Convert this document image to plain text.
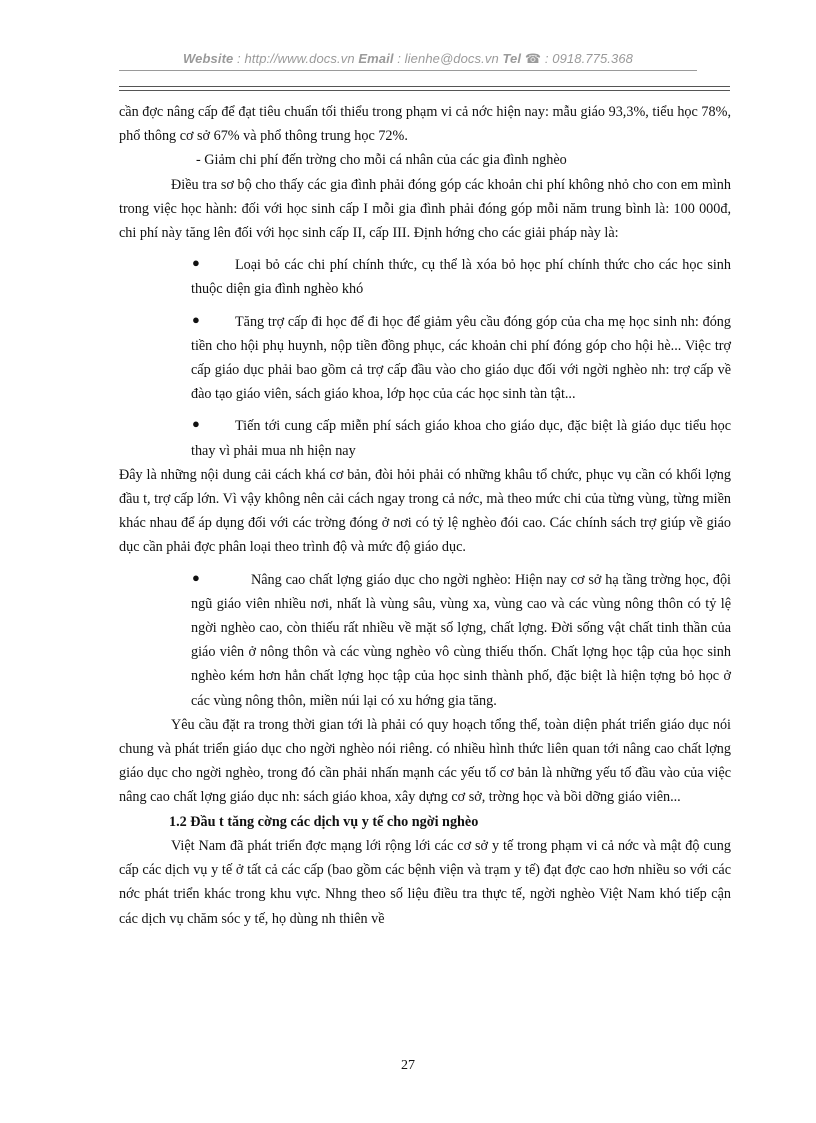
Website : http://www.docs.vn Email : lienhe@docs.vn Tel ☎ : 0918.775.368

cần đợc nâng cấp để đạt tiêu chuẩn tối thiểu trong phạm vi cả nớc hiện nay: mẫu giáo 93,3%, tiểu học 78%, phổ thông cơ sở 67% và phổ thông trung học 72%.

- Giảm chi phí đến trờng cho mỗi cá nhân của các gia đình nghèo

Điều tra sơ bộ cho thấy các gia đình phải đóng góp các khoản chi phí không nhỏ cho con em mình trong việc học hành: đối với học sinh cấp I mỗi gia đình phải đóng góp mỗi năm trung bình là: 100 000đ, chi phí này tăng lên đối với học sinh cấp II, cấp III. Định hớng cho các giải pháp này là:

●	Loại bỏ các chi phí chính thức, cụ thể là xóa bỏ học phí chính thức cho các học sinh thuộc diện gia đình nghèo khó

●	Tăng trợ cấp đi học để đi học để giảm yêu cầu đóng góp của cha mẹ học sinh nh: đóng tiền cho hội phụ huynh, nộp tiền đồng phục, các khoản chi phí đóng góp cho hội hè... Việc trợ cấp giáo dục phải bao gồm cả trợ cấp đầu vào cho giáo dục đối với ngời nghèo nh: trợ cấp về đào tạo giáo viên, sách giáo khoa, lớp học của các học sinh tàn tật...

●	Tiến tới cung cấp miễn phí sách giáo khoa cho giáo dục, đặc biệt là giáo dục tiểu học thay vì phải mua nh hiện nay

Đây là những nội dung cải cách khá cơ bản, đòi hỏi phải có những khâu tổ chức, phục vụ cần có khối lợng đầu t, trợ cấp lớn. Vì vậy không nên cải cách ngay trong cả nớc, mà theo mức chi của từng vùng, từng miền khác nhau để áp dụng đối với các trờng đóng ở nơi có tỷ lệ nghèo đói cao. Các chính sách trợ giúp về giáo dục cần phải đợc phân loại theo trình độ và mức độ giáo dục.

●	Nâng cao chất lợng giáo dục cho ngời nghèo: Hiện nay cơ sở hạ tầng trờng học, đội ngũ giáo viên nhiều nơi, nhất là vùng sâu, vùng xa, vùng cao và các vùng nông thôn có tỷ lệ ngời nghèo cao, còn thiếu rất nhiều về mặt số lợng, chất lợng. Đời sống vật chất tinh thần của giáo viên ở nông thôn và các vùng nghèo vô cùng thiếu thốn. Chất lợng học tập của học sinh nghèo kém hơn hẳn chất lợng học tập của học sinh thành phố, đặc biệt là hiện tợng bỏ học ở các vùng nông thôn, miền núi lại có xu hớng gia tăng.

Yêu cầu đặt ra trong thời gian tới là phải có quy hoạch tổng thể, toàn diện phát triển giáo dục nói chung và phát triển giáo dục cho ngời nghèo nói riêng. có nhiều hình thức liên quan tới nâng cao chất lợng giáo dục cho ngời nghèo, trong đó cần phải nhấn mạnh các yếu tố cơ bản là những yếu tố đầu vào của việc nâng cao chất lợng giáo dục nh: sách giáo khoa, xây dựng cơ sở, trờng học và bồi dỡng giáo viên...

1.2 Đầu t tăng cờng các dịch vụ y tế cho ngời nghèo

Việt Nam đã phát triển đợc mạng lới rộng lới các cơ sở y tế trong phạm vi cả nớc và mật độ cung cấp các dịch vụ y tế ở tất cả các cấp (bao gồm các bệnh viện và trạm y tế) đạt đợc cao hơn nhiều so với các nớc phát triển khác trong khu vực. Nhng theo số liệu điều tra thực tế, ngời nghèo Việt Nam khó tiếp cận các dịch vụ chăm sóc y tế, họ dùng nh thiên về

27
